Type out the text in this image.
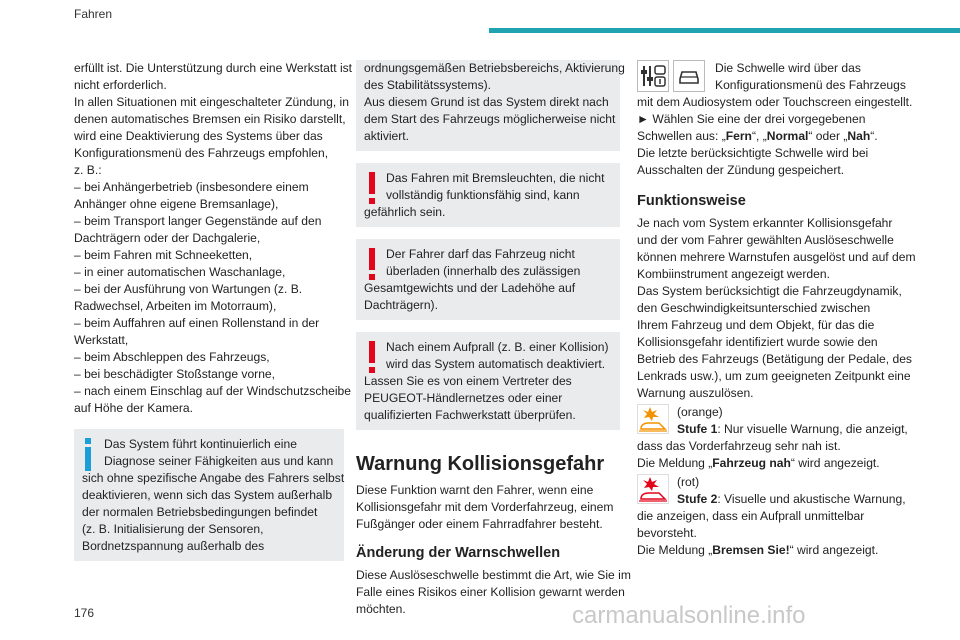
Fahren
erfüllt ist. Die Unterstützung durch eine Werkstatt ist
nicht erforderlich.
In allen Situationen mit eingeschalteter Zündung, in
denen automatisches Bremsen ein Risiko darstellt,
wird eine Deaktivierung des Systems über das
Konfigurationsmenü des Fahrzeugs empfohlen,
z. B.:
– bei Anhängerbetrieb (insbesondere einem
Anhänger ohne eigene Bremsanlage),
– beim Transport langer Gegenstände auf den
Dachträgern oder der Dachgalerie,
– beim Fahren mit Schneeketten,
– in einer automatischen Waschanlage,
– bei der Ausführung von Wartungen (z. B.
Radwechsel, Arbeiten im Motorraum),
– beim Auffahren auf einen Rollenstand in der
Werkstatt,
– beim Abschleppen des Fahrzeugs,
– bei beschädigter Stoßstange vorne,
– nach einem Einschlag auf der Windschutzscheibe
auf Höhe der Kamera.
Das System führt kontinuierlich eine
Diagnose seiner Fähigkeiten aus und kann
sich ohne spezifische Angabe des Fahrers selbst
deaktivieren, wenn sich das System außerhalb
der normalen Betriebsbedingungen befindet
(z. B. Initialisierung der Sensoren,
Bordnetzspannung außerhalb des
ordnungsgemäßen Betriebsbereichs, Aktivierung
des Stabilitätssystems).
Aus diesem Grund ist das System direkt nach
dem Start des Fahrzeugs möglicherweise nicht
aktiviert.
Das Fahren mit Bremsleuchten, die nicht
vollständig funktionsfähig sind, kann
gefährlich sein.
Der Fahrer darf das Fahrzeug nicht
überladen (innerhalb des zulässigen
Gesamtgewichts und der Ladehöhe auf
Dachträgern).
Nach einem Aufprall (z. B. einer Kollision)
wird das System automatisch deaktiviert.
Lassen Sie es von einem Vertreter des
PEUGEOT-Händlernetzes oder einer
qualifizierten Fachwerkstatt überprüfen.
Warnung Kollisionsgefahr
Diese Funktion warnt den Fahrer, wenn eine
Kollisionsgefahr mit dem Vorderfahrzeug, einem
Fußgänger oder einem Fahrradfahrer besteht.
Änderung der Warnschwellen
Diese Auslöseschwelle bestimmt die Art, wie Sie im
Falle eines Risikos einer Kollision gewarnt werden
möchten.
Die Schwelle wird über das
Konfigurationsmenü des Fahrzeugs
mit dem Audiosystem oder Touchscreen eingestellt.
► Wählen Sie eine der drei vorgegebenen
Schwellen aus: „Fern“, „Normal“ oder „Nah“.
Die letzte berücksichtigte Schwelle wird bei
Ausschalten der Zündung gespeichert.
Funktionsweise
Je nach vom System erkannter Kollisionsgefahr
und der vom Fahrer gewählten Auslöseschwelle
können mehrere Warnstufen ausgelöst und auf dem
Kombiinstrument angezeigt werden.
Das System berücksichtigt die Fahrzeugdynamik,
den Geschwindigkeitsunterschied zwischen
Ihrem Fahrzeug und dem Objekt, für das die
Kollisionsgefahr identifiziert wurde sowie den
Betrieb des Fahrzeugs (Betätigung der Pedale, des
Lenkrads usw.), um zum geeigneten Zeitpunkt eine
Warnung auszulösen.
(orange)
Stufe 1: Nur visuelle Warnung, die anzeigt,
dass das Vorderfahrzeug sehr nah ist.
Die Meldung „Fahrzeug nah“ wird angezeigt.
(rot)
Stufe 2: Visuelle und akustische Warnung,
die anzeigen, dass ein Aufprall unmittelbar
bevorsteht.
Die Meldung „Bremsen Sie!“ wird angezeigt.
176	carmanualsonline.info
